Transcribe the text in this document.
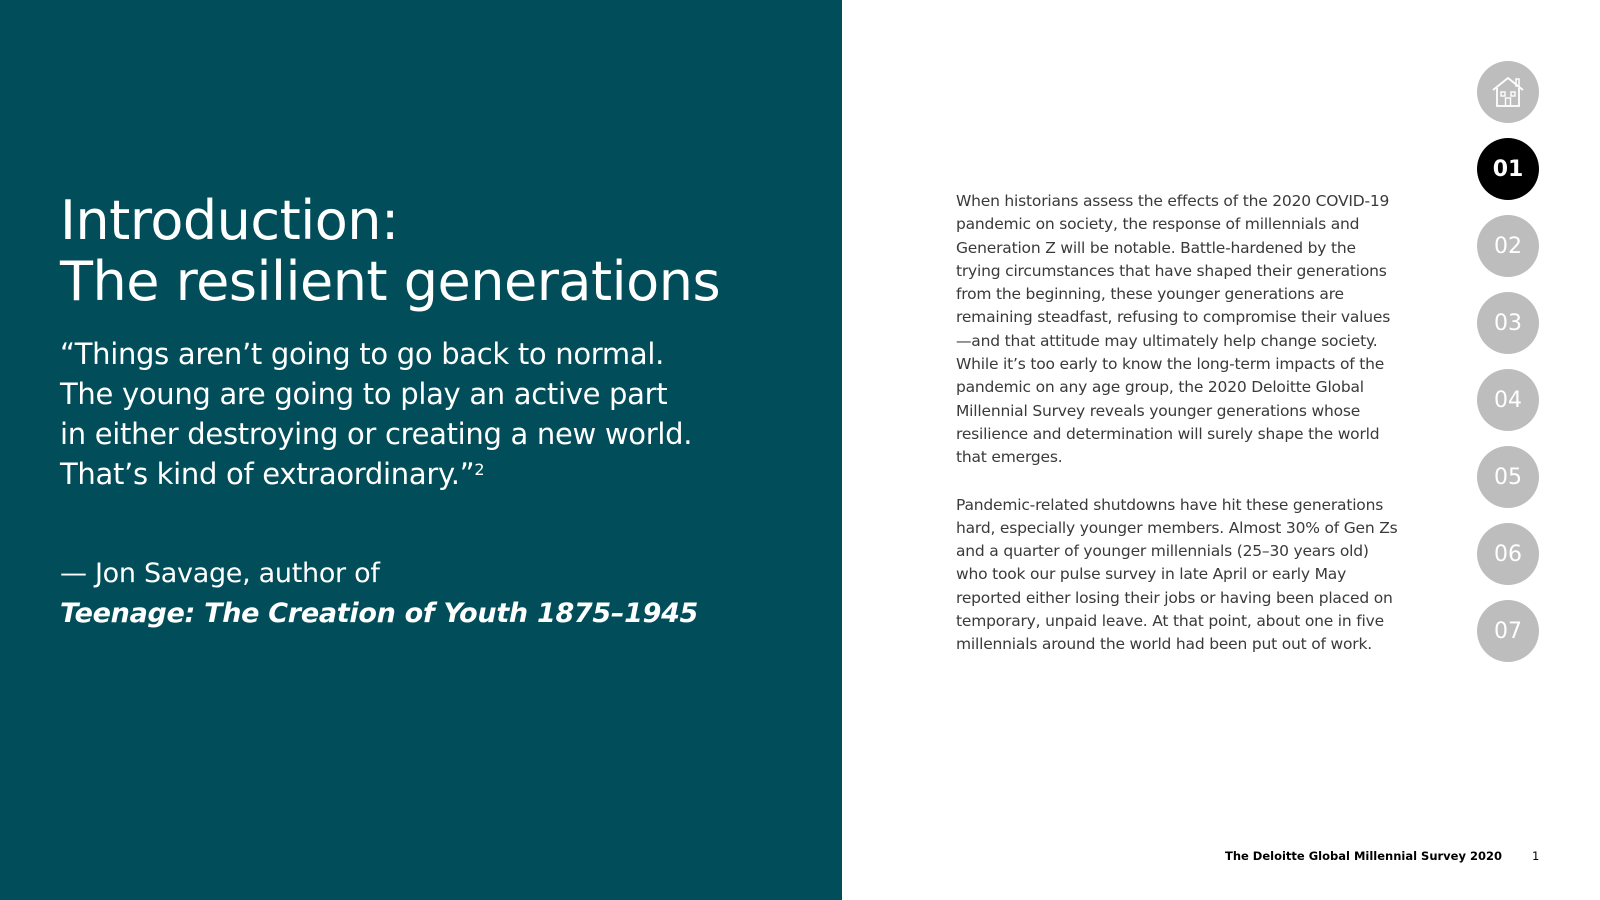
Introduction:
The resilient generations
“Things aren’t going to go back to normal.
The young are going to play an active part
in either destroying or creating a new world.
That’s kind of extraordinary.”$^2$
— Jon Savage, author of
Teenage: The Creation of Youth 1875–1945

When historians assess the effects of the 2020 COVID-19 pandemic on society, the response of millennials and Generation Z will be notable. Battle-hardened by the trying circumstances that have shaped their generations from the beginning, these younger generations are remaining steadfast, refusing to compromise their values—and that attitude may ultimately help change society. While it’s too early to know the long-term impacts of the pandemic on any age group, the 2020 Deloitte Global Millennial Survey reveals younger generations whose resilience and determination will surely shape the world that emerges.

Pandemic-related shutdowns have hit these generations hard, especially younger members. Almost 30% of Gen Zs and a quarter of younger millennials (25–30 years old) who took our pulse survey in late April or early May reported either losing their jobs or having been placed on temporary, unpaid leave. At that point, about one in five millennials around the world had been put out of work.

01
02
03
04
05
06
07
The Deloitte Global Millennial Survey 2020	1
